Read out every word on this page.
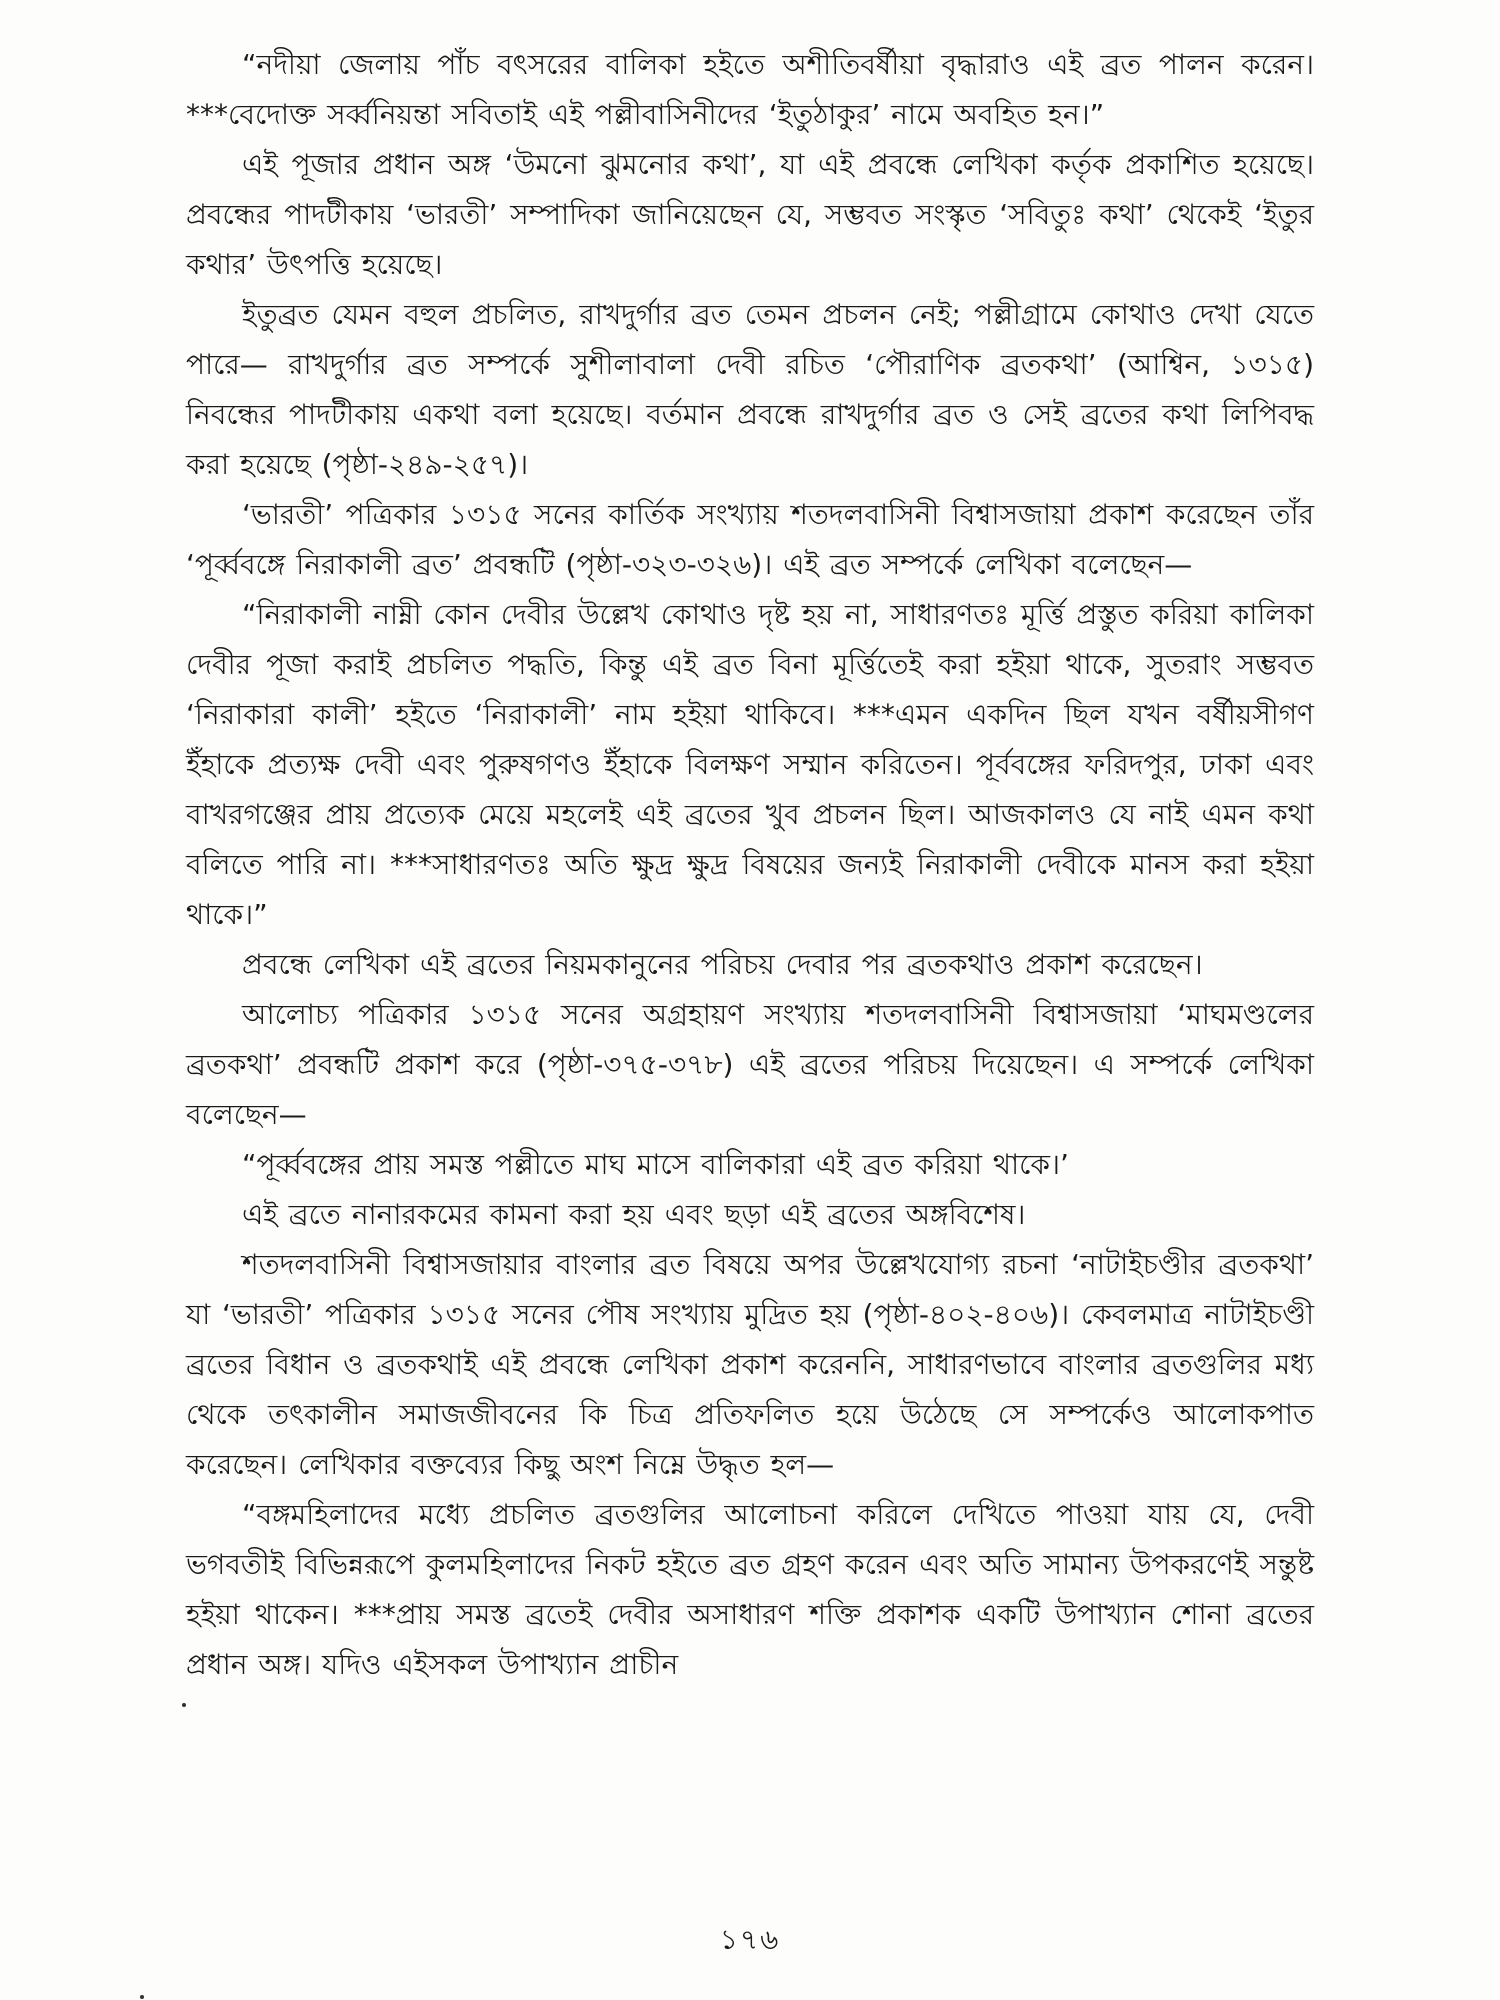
“নদীয়া জেলায় পাঁচ বৎসরের বালিকা হইতে অশীতিবর্ষীয়া বৃদ্ধারাও এই ব্রত পালন করেন। ***বেদোক্ত সর্ব্বনিয়ন্তা সবিতাই এই পল্লীবাসিনীদের ‘ইতুঠাকুর’ নামে অবহিত হন।”

এই পূজার প্রধান অঙ্গ ‘উমনো ঝুমনোর কথা’, যা এই প্রবন্ধে লেখিকা কর্তৃক প্রকাশিত হয়েছে। প্রবন্ধের পাদটীকায় ‘ভারতী’ সম্পাদিকা জানিয়েছেন যে, সম্ভবত সংস্কৃত ‘সবিতুঃ কথা’ থেকেই ‘ইতুর কথার’ উৎপত্তি হয়েছে।

ইতুব্রত যেমন বহুল প্রচলিত, রাখদুর্গার ব্রত তেমন প্রচলন নেই; পল্লীগ্রামে কোথাও দেখা যেতে পারে— রাখদুর্গার ব্রত সম্পর্কে সুশীলাবালা দেবী রচিত ‘পৌরাণিক ব্রতকথা’ (আশ্বিন, ১৩১৫) নিবন্ধের পাদটীকায় একথা বলা হয়েছে। বর্তমান প্রবন্ধে রাখদুর্গার ব্রত ও সেই ব্রতের কথা লিপিবদ্ধ করা হয়েছে (পৃষ্ঠা-২৪৯-২৫৭)।

‘ভারতী’ পত্রিকার ১৩১৫ সনের কার্তিক সংখ্যায় শতদলবাসিনী বিশ্বাসজায়া প্রকাশ করেছেন তাঁর ‘পূর্ব্ববঙ্গে নিরাকালী ব্রত’ প্রবন্ধটি (পৃষ্ঠা-৩২৩-৩২৬)। এই ব্রত সম্পর্কে লেখিকা বলেছেন—

“নিরাকালী নাম্নী কোন দেবীর উল্লেখ কোথাও দৃষ্ট হয় না, সাধারণতঃ মূর্ত্তি প্রস্তুত করিয়া কালিকা দেবীর পূজা করাই প্রচলিত পদ্ধতি, কিন্তু এই ব্রত বিনা মূর্ত্তিতেই করা হইয়া থাকে, সুতরাং সম্ভবত ‘নিরাকারা কালী’ হইতে ‘নিরাকালী’ নাম হইয়া থাকিবে। ***এমন একদিন ছিল যখন বর্ষীয়সীগণ ইঁহাকে প্রত্যক্ষ দেবী এবং পুরুষগণও ইঁহাকে বিলক্ষণ সম্মান করিতেন। পূর্ববঙ্গের ফরিদপুর, ঢাকা এবং বাখরগঞ্জের প্রায় প্রত্যেক মেয়ে মহলেই এই ব্রতের খুব প্রচলন ছিল। আজকালও যে নাই এমন কথা বলিতে পারি না। ***সাধারণতঃ অতি ক্ষুদ্র ক্ষুদ্র বিষয়ের জন্যই নিরাকালী দেবীকে মানস করা হইয়া থাকে।”

প্রবন্ধে লেখিকা এই ব্রতের নিয়মকানুনের পরিচয় দেবার পর ব্রতকথাও প্রকাশ করেছেন।

আলোচ্য পত্রিকার ১৩১৫ সনের অগ্রহায়ণ সংখ্যায় শতদলবাসিনী বিশ্বাসজায়া ‘মাঘমণ্ডলের ব্রতকথা’ প্রবন্ধটি প্রকাশ করে (পৃষ্ঠা-৩৭৫-৩৭৮) এই ব্রতের পরিচয় দিয়েছেন। এ সম্পর্কে লেখিকা বলেছেন—

“পূর্ব্ববঙ্গের প্রায় সমস্ত পল্লীতে মাঘ মাসে বালিকারা এই ব্রত করিয়া থাকে।’

এই ব্রতে নানারকমের কামনা করা হয় এবং ছড়া এই ব্রতের অঙ্গবিশেষ।

শতদলবাসিনী বিশ্বাসজায়ার বাংলার ব্রত বিষয়ে অপর উল্লেখযোগ্য রচনা ‘নাটাইচণ্ডীর ব্রতকথা’ যা ‘ভারতী’ পত্রিকার ১৩১৫ সনের পৌষ সংখ্যায় মুদ্রিত হয় (পৃষ্ঠা-৪০২-৪০৬)। কেবলমাত্র নাটাইচণ্ডী ব্রতের বিধান ও ব্রতকথাই এই প্রবন্ধে লেখিকা প্রকাশ করেননি, সাধারণভাবে বাংলার ব্রতগুলির মধ্য থেকে তৎকালীন সমাজজীবনের কি চিত্র প্রতিফলিত হয়ে উঠেছে সে সম্পর্কেও আলোকপাত করেছেন। লেখিকার বক্তব্যের কিছু অংশ নিম্নে উদ্ধৃত হল—

“বঙ্গমহিলাদের মধ্যে প্রচলিত ব্রতগুলির আলোচনা করিলে দেখিতে পাওয়া যায় যে, দেবী ভগবতীই বিভিন্নরূপে কুলমহিলাদের নিকট হইতে ব্রত গ্রহণ করেন এবং অতি সামান্য উপকরণেই সন্তুষ্ট হইয়া থাকেন। ***প্রায় সমস্ত ব্রতেই দেবীর অসাধারণ শক্তি প্রকাশক একটি উপাখ্যান শোনা ব্রতের প্রধান অঙ্গ। যদিও এইসকল উপাখ্যান প্রাচীন

১৭৬
